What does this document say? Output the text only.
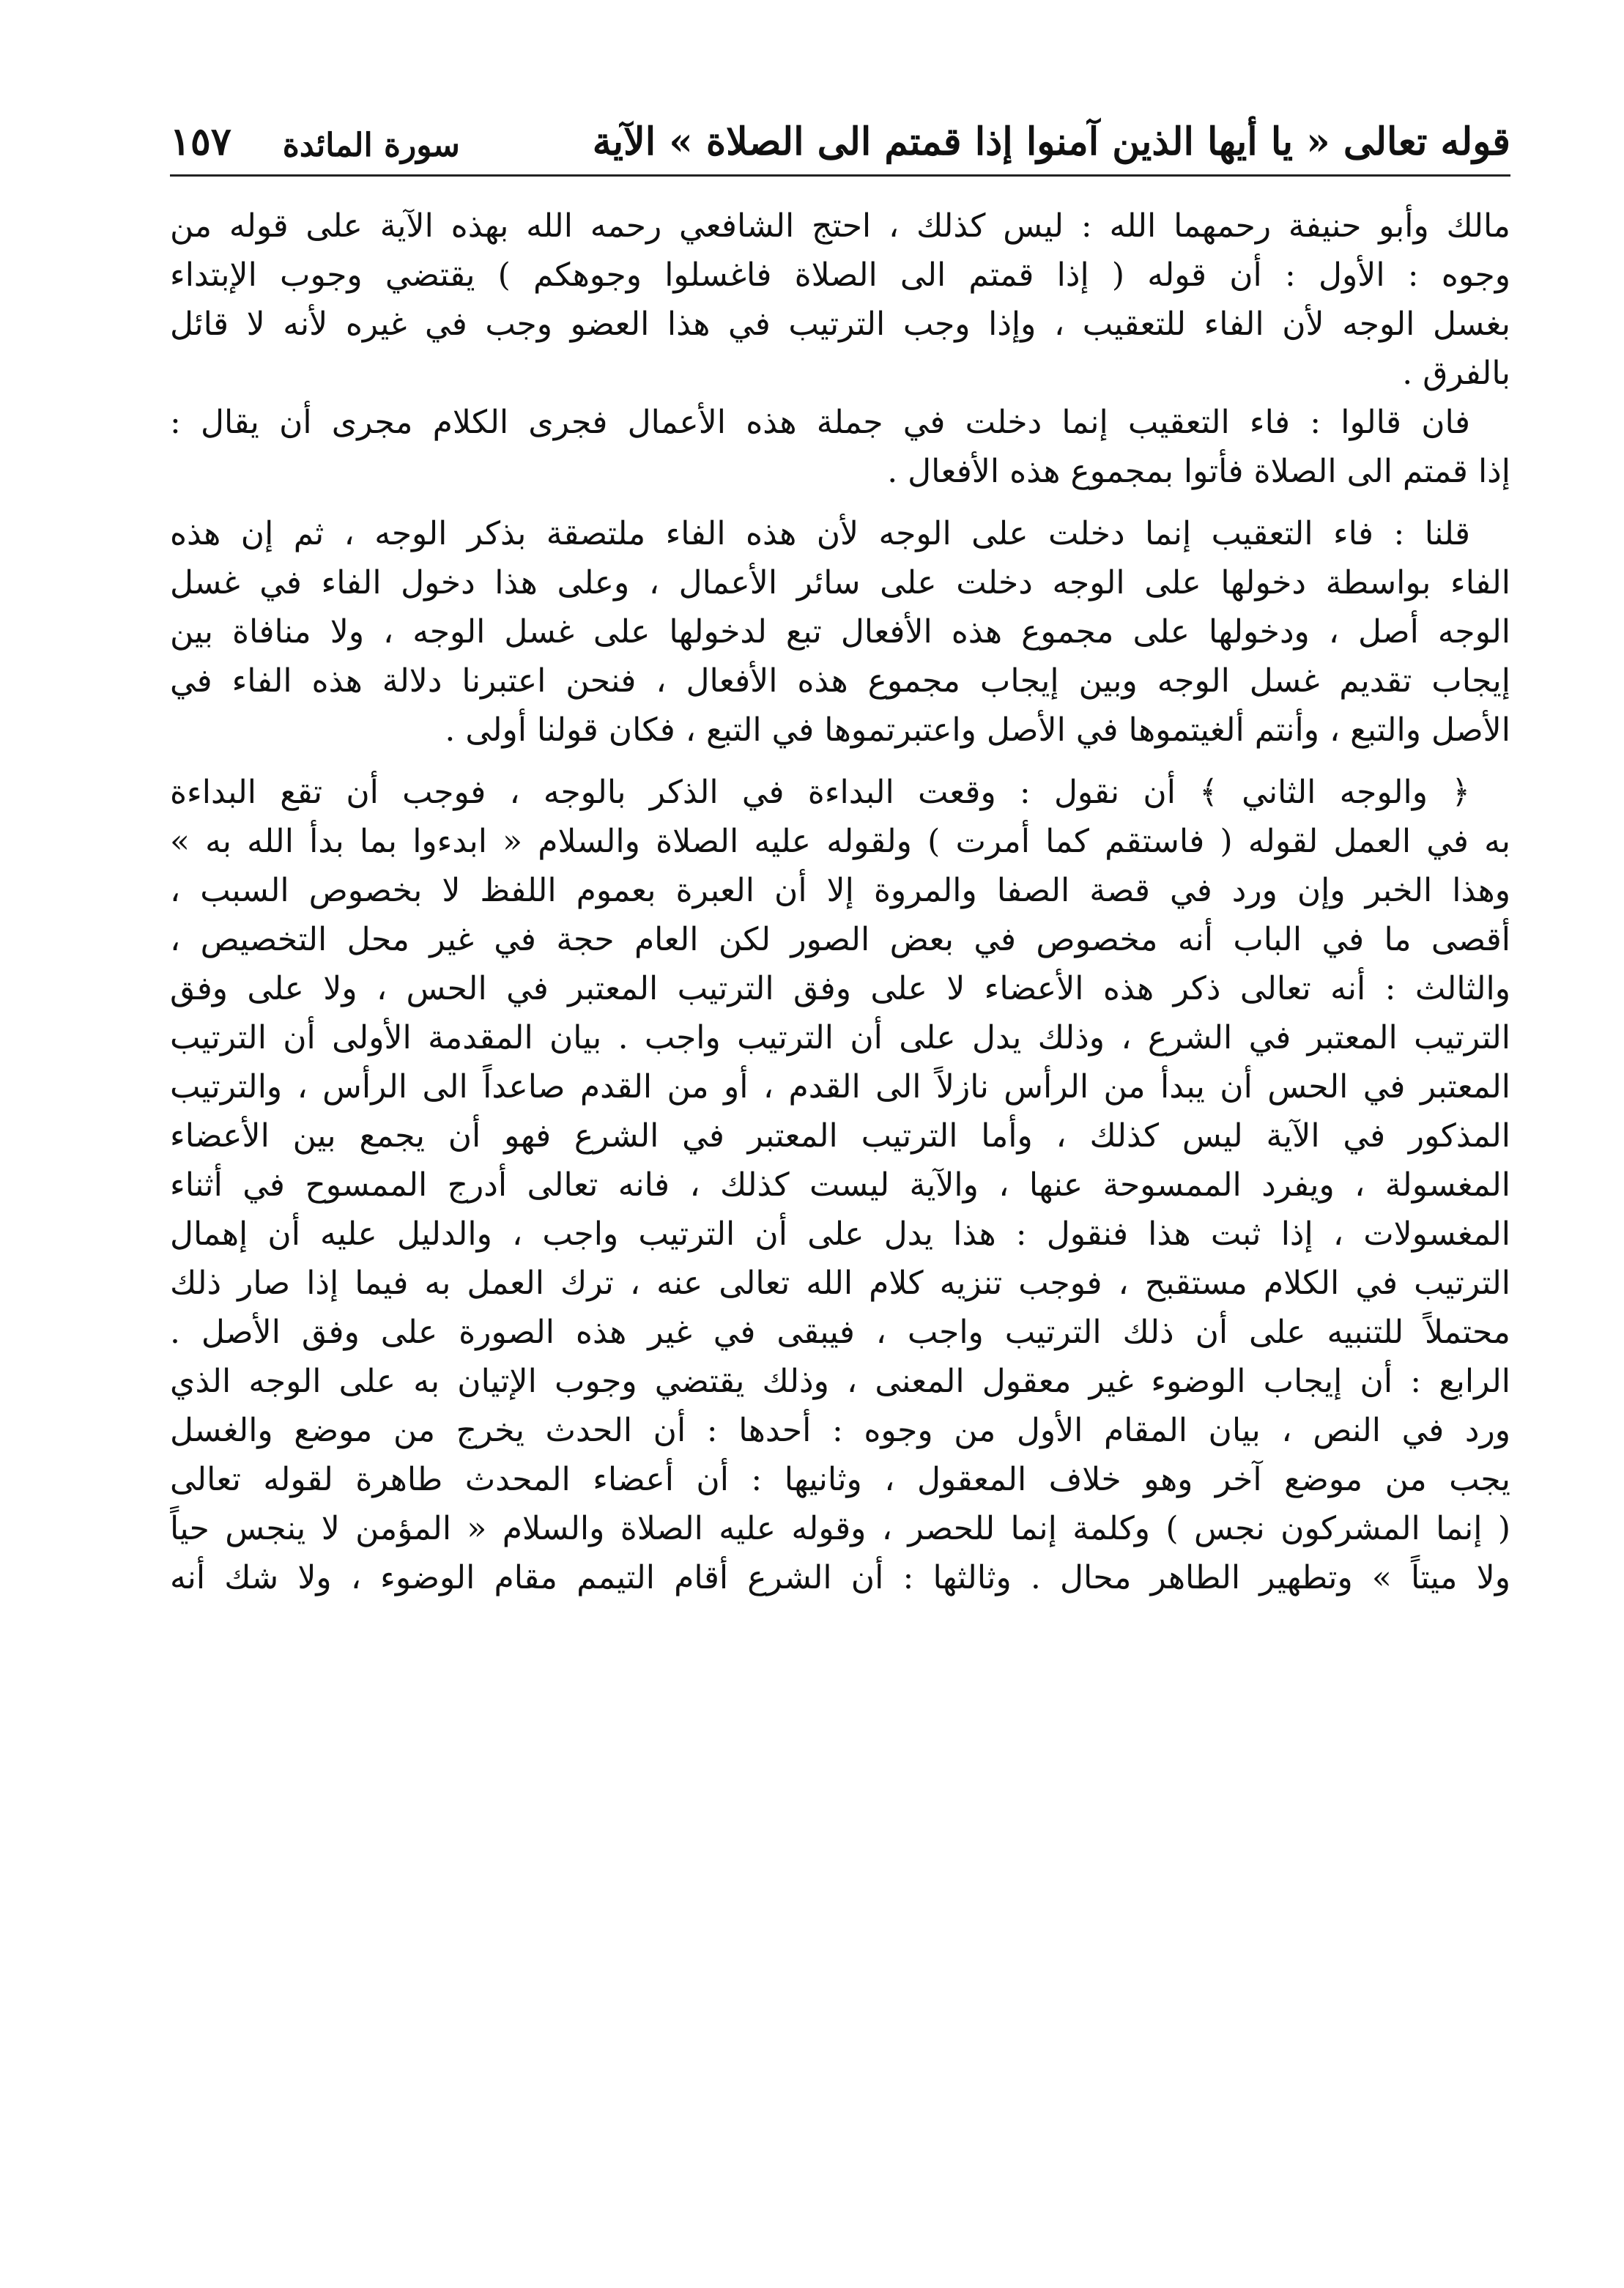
قوله تعالى « يا أيها الذين آمنوا إذا قمتم الى الصلاة » الآية
سورة المائدة
١٥٧
مالك وأبو حنيفة رحمهما الله : ليس كذلك ، احتج الشافعي رحمه الله بهذه الآية على قوله من
وجوه : الأول : أن قوله ( إذا قمتم الى الصلاة فاغسلوا وجوهكم ) يقتضي وجوب الإبتداء
بغسل الوجه لأن الفاء للتعقيب ، وإذا وجب الترتيب في هذا العضو وجب في غيره لأنه لا قائل
بالفرق .
فان قالوا : فاء التعقيب إنما دخلت في جملة هذه الأعمال فجرى الكلام مجرى أن يقال :
إذا قمتم الى الصلاة فأتوا بمجموع هذه الأفعال .
قلنا : فاء التعقيب إنما دخلت على الوجه لأن هذه الفاء ملتصقة بذكر الوجه ، ثم إن هذه
الفاء بواسطة دخولها على الوجه دخلت على سائر الأعمال ، وعلى هذا دخول الفاء في غسل
الوجه أصل ، ودخولها على مجموع هذه الأفعال تبع لدخولها على غسل الوجه ، ولا منافاة بين
إيجاب تقديم غسل الوجه وبين إيجاب مجموع هذه الأفعال ، فنحن اعتبرنا دلالة هذه الفاء في
الأصل والتبع ، وأنتم ألغيتموها في الأصل واعتبرتموها في التبع ، فكان قولنا أولى .
﴿ والوجه الثاني ﴾ أن نقول : وقعت البداءة في الذكر بالوجه ، فوجب أن تقع البداءة
به في العمل لقوله ( فاستقم كما أمرت ) ولقوله عليه الصلاة والسلام « ابدءوا بما بدأ الله به »
وهذا الخبر وإن ورد في قصة الصفا والمروة إلا أن العبرة بعموم اللفظ لا بخصوص السبب ،
أقصى ما في الباب أنه مخصوص في بعض الصور لكن العام حجة في غير محل التخصيص ،
والثالث : أنه تعالى ذكر هذه الأعضاء لا على وفق الترتيب المعتبر في الحس ، ولا على وفق
الترتيب المعتبر في الشرع ، وذلك يدل على أن الترتيب واجب . بيان المقدمة الأولى أن الترتيب
المعتبر في الحس أن يبدأ من الرأس نازلاً الى القدم ، أو من القدم صاعداً الى الرأس ، والترتيب
المذكور في الآية ليس كذلك ، وأما الترتيب المعتبر في الشرع فهو أن يجمع بين الأعضاء
المغسولة ، ويفرد الممسوحة عنها ، والآية ليست كذلك ، فانه تعالى أدرج الممسوح في أثناء
المغسولات ، إذا ثبت هذا فنقول : هذا يدل على أن الترتيب واجب ، والدليل عليه أن إهمال
الترتيب في الكلام مستقبح ، فوجب تنزيه كلام الله تعالى عنه ، ترك العمل به فيما إذا صار ذلك
محتملاً للتنبيه على أن ذلك الترتيب واجب ، فيبقى في غير هذه الصورة على وفق الأصل .
الرابع : أن إيجاب الوضوء غير معقول المعنى ، وذلك يقتضي وجوب الإتيان به على الوجه الذي
ورد في النص ، بيان المقام الأول من وجوه : أحدها : أن الحدث يخرج من موضع والغسل
يجب من موضع آخر وهو خلاف المعقول ، وثانيها : أن أعضاء المحدث طاهرة لقوله تعالى
( إنما المشركون نجس ) وكلمة إنما للحصر ، وقوله عليه الصلاة والسلام « المؤمن لا ينجس حياً
ولا ميتاً » وتطهير الطاهر محال . وثالثها : أن الشرع أقام التيمم مقام الوضوء ، ولا شك أنه
